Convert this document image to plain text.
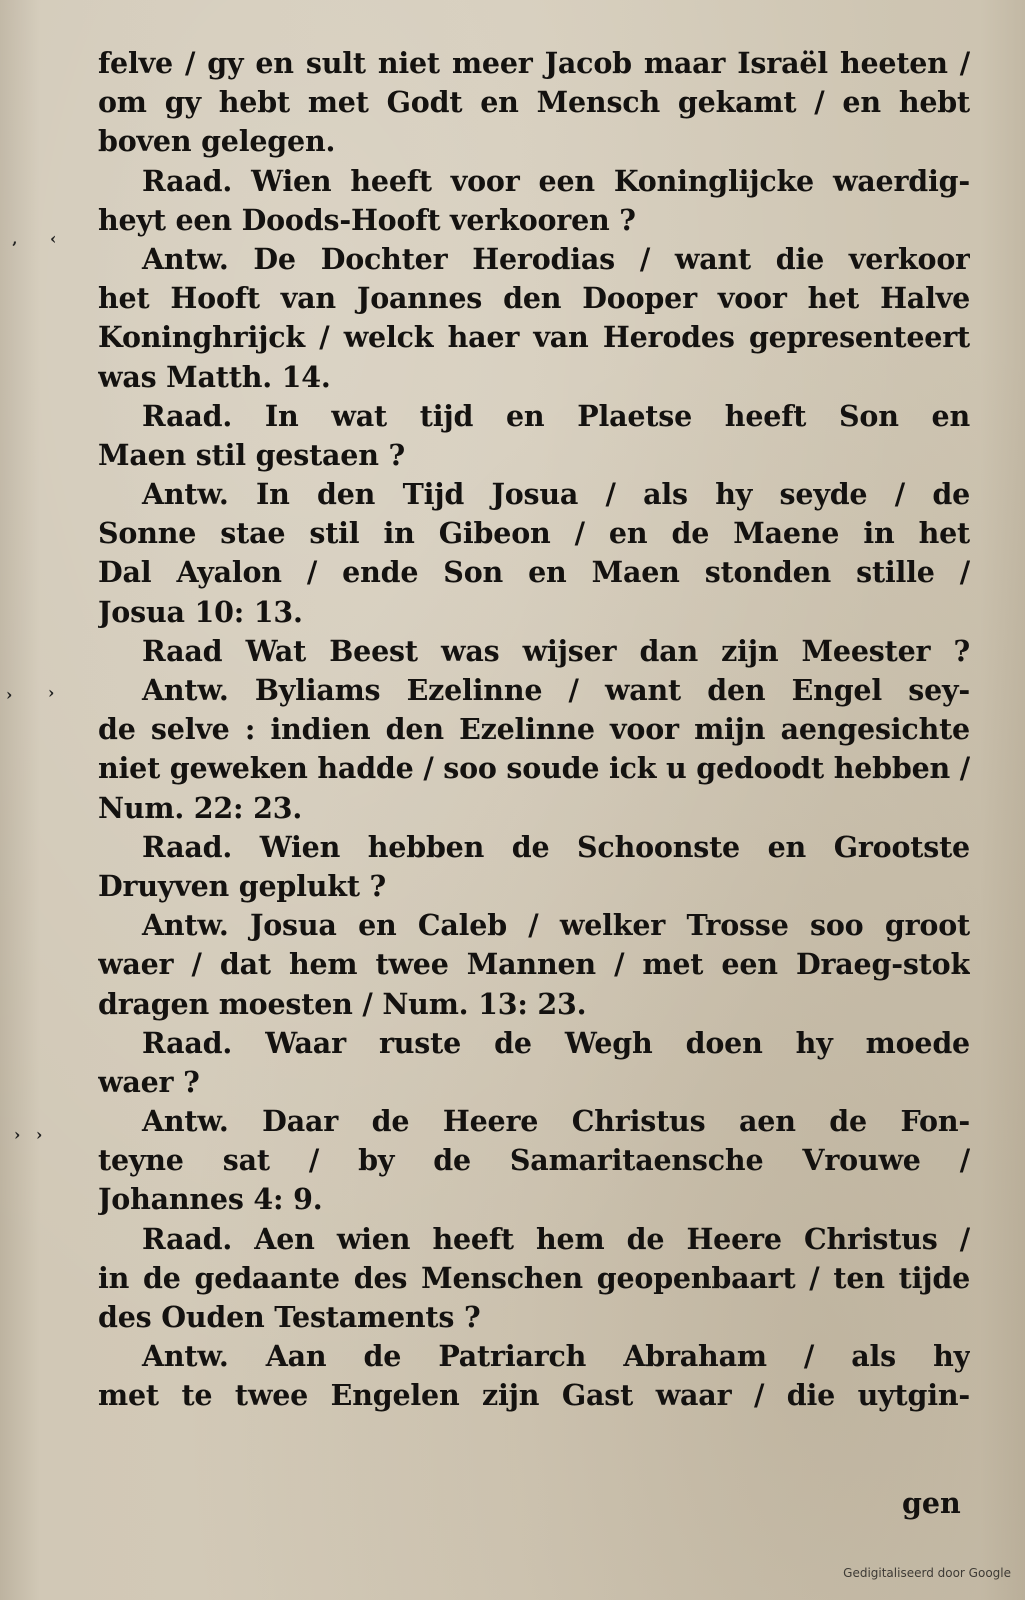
‚ ‹
› ›
› ›
felve / gy en sult niet meer Jacob maar Israël heeten /
om gy hebt met Godt en Mensch gekamt / en hebt
boven gelegen.
Raad. Wien heeft voor een Koninglijcke waerdig-
heyt een Doods-Hooft verkooren ?
Antw. De Dochter Herodias / want die verkoor
het Hooft van Joannes den Dooper voor het Halve
Koninghrijck / welck haer van Herodes gepresenteert
was Matth. 14.
Raad. In wat tijd en Plaetse heeft Son en
Maen stil gestaen ?
Antw. In den Tijd Josua / als hy seyde / de
Sonne stae stil in Gibeon / en de Maene in het
Dal Ayalon / ende Son en Maen stonden stille /
Josua 10: 13.
Raad Wat Beest was wijser dan zijn Meester ?
Antw. Byliams Ezelinne / want den Engel sey-
de selve : indien den Ezelinne voor mijn aengesichte
niet geweken hadde / soo soude ick u gedoodt hebben /
Num. 22: 23.
Raad. Wien hebben de Schoonste en Grootste
Druyven geplukt ?
Antw. Josua en Caleb / welker Trosse soo groot
waer / dat hem twee Mannen / met een Draeg-stok
dragen moesten / Num. 13: 23.
Raad. Waar ruste de Wegh doen hy moede
waer ?
Antw. Daar de Heere Christus aen de Fon-
teyne sat / by de Samaritaensche Vrouwe /
Johannes 4: 9.
Raad. Aen wien heeft hem de Heere Christus /
in de gedaante des Menschen geopenbaart / ten tijde
des Ouden Testaments ?
Antw. Aan de Patriarch Abraham / als hy
met te twee Engelen zijn Gast waar / die uytgin-
gen
Gedigitaliseerd door Google
